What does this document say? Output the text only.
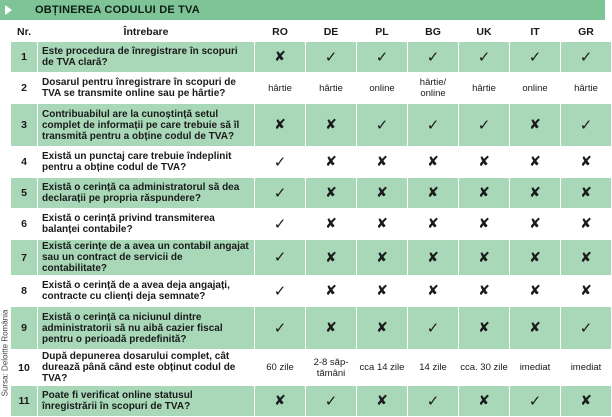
OBȚINEREA CODULUI DE TVA
Nr.	Întrebare	RO	DE	PL	BG	UK	IT	GR
1	Este procedura de înregistrare în scopuri de TVA clară?	✘	✓	✓	✓	✓	✓	✓
2	Dosarul pentru înregistrare în scopuri de TVA se transmite online sau pe hârtie?	hârtie	hârtie	online	hârtie/ online	hârtie	online	hârtie
3	Contribuabilul are la cunoștință setul complet de informații pe care trebuie să îl transmită pentru a obține codul de TVA?	✘	✘	✓	✓	✓	✘	✓
4	Există un punctaj care trebuie îndeplinit pentru a obține codul de TVA?	✓	✘	✘	✘	✘	✘	✘
5	Există o cerință ca administratorul să dea declarații pe propria răspundere?	✓	✘	✘	✘	✘	✘	✘
6	Există o cerință privind transmiterea balanței contabile?	✓	✘	✘	✘	✘	✘	✘
7	Există cerințe de a avea un contabil angajat sau un contract de servicii de contabilitate?	✓	✘	✘	✘	✘	✘	✘
8	Există o cerință de a avea deja angajați, contracte cu clienți deja semnate?	✓	✘	✘	✘	✘	✘	✘
9	Există o cerință ca niciunul dintre administratorii să nu aibă cazier fiscal pentru o perioadă predefinită?	✓	✘	✘	✓	✘	✘	✓
10	După depunerea dosarului complet, cât durează până când este obținut codul de TVA?	60 zile	2-8 săp-tămâni	cca 14 zile	14 zile	cca. 30 zile	imediat	imediat
11	Poate fi verificat online statusul înregistrării în scopuri de TVA?	✘	✓	✘	✓	✘	✓	✘
Sursa: Deloitte România
